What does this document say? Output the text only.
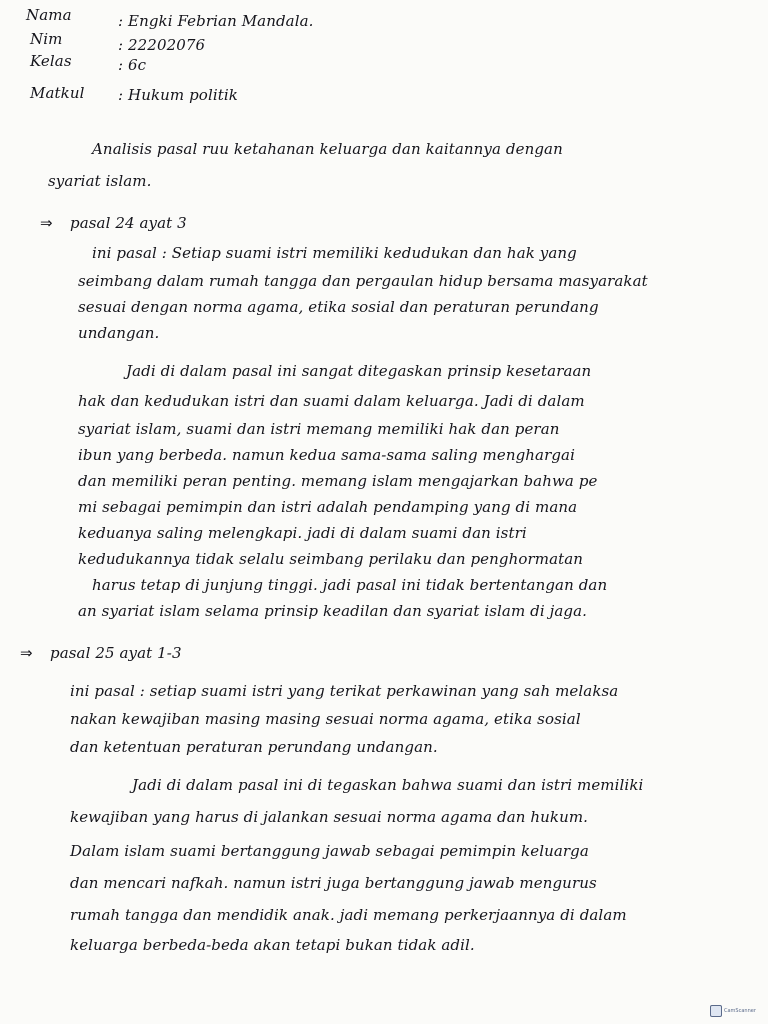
Nama	: Engki Febrian Mandala.
Nim	: 22202076
Kelas	: 6c
Matkul : Hukum politik
Analisis pasal ruu ketahanan keluarga dan kaitannya dengan
syariat islam.
⇒ pasal 24 ayat 3
ini pasal : Setiap suami istri memiliki kedudukan dan hak yang
seimbang dalam rumah tangga dan pergaulan hidup bersama masyarakat
sesuai dengan norma agama, etika sosial dan peraturan perundang
undangan.
Jadi di dalam pasal ini sangat ditegaskan prinsip kesetaraan
hak dan kedudukan istri dan suami dalam keluarga. Jadi di dalam
syariat islam, suami dan istri memang memiliki hak dan peran
ibun yang berbeda. namun kedua sama-sama saling menghargai
dan memiliki peran penting. memang islam mengajarkan bahwa pe
mi sebagai pemimpin dan istri adalah pendamping yang di mana
keduanya saling melengkapi. jadi di dalam suami dan istri
kedudukannya tidak selalu seimbang perilaku dan penghormatan
harus tetap di junjung tinggi. jadi pasal ini tidak bertentangan dan
an syariat islam selama prinsip keadilan dan syariat islam di jaga.
⇒ pasal 25 ayat 1-3
ini pasal : setiap suami istri yang terikat perkawinan yang sah melaksa
nakan kewajiban masing masing sesuai norma agama, etika sosial
dan ketentuan peraturan perundang undangan.
Jadi di dalam pasal ini di tegaskan bahwa suami dan istri memiliki
kewajiban yang harus di jalankan sesuai norma agama dan hukum.
Dalam islam suami bertanggung jawab sebagai pemimpin keluarga
dan mencari nafkah. namun istri juga bertanggung jawab mengurus
rumah tangga dan mendidik anak. jadi memang perkerjaannya di dalam
keluarga berbeda-beda akan tetapi bukan tidak adil.
CamScanner
